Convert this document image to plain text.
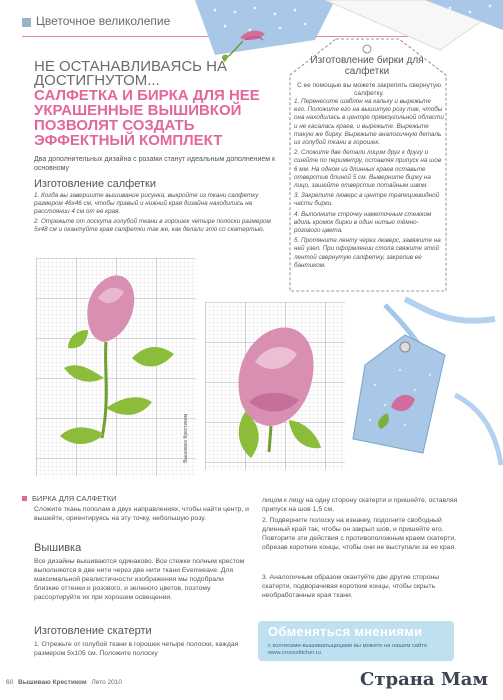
Цветочное великолепие
НЕ ОСТАНАВЛИВАЯСЬ НА ДОСТИГНУТОМ...
САЛФЕТКА И БИРКА ДЛЯ НЕЕ УКРАШЕННЫЕ ВЫШИВКОЙ ПОЗВОЛЯТ СОЗДАТЬ ЭФФЕКТНЫЙ КОМПЛЕКТ
Два дополнительных дизайна с розами станут идеальным дополнением к основному
Изготовление салфетки
1. Когда вы завершите вышивание рисунка, выкройте из ткани салфетку размером 46х46 см, чтобы правый и нижний края дизайна находились на расстоянии 4 см от ее края.
2. Отрежьте от лоскута голубой ткани в горошек четыре полоски размером 5х48 см и окантуйте края салфетки так же, как делали это со скатертью.
Изготовление бирки для салфетки
С ее помощью вы можете закрепить свернутую салфетку.
1. Перенесите шаблон на кальку и вырежьте его. Положите его на вышитую розу так, чтобы она находилась в центре прямоугольной области и не касалась краев, и вырежьте. Вырежьте такую же бирку. Вырежьте аналогичную деталь из голубой ткани в горошек.
2. Сложите две детали лицом друг к другу и сшейте по периметру, оставляя припуск на шов 6 мм. На одном из длинных краев оставьте отверстие длиной 5 см. Выверните бирку на лицо, зашейте отверстие потайным швом.
3. Закрепите люверс в центре трапециевидной части бирки.
4. Выполните строчку наметочным стежком вдоль кромок бирки в один нитью тёмно-розового цвета.
5. Протяните ленту через люверс, завяжите на ней узел. При оформлении стола свяжите этой лентой свернутую салфетку, закрепив ее бантиком.
Вышиваю Крестиком
БИРКА ДЛЯ САЛФЕТКИ
Сложите ткань пополам в двух направлениях, чтобы найти центр, и вышейте, ориентируясь на эту точку, небольшую розу.
Вышивка
Все дизайны вышиваются одинаково. Все стежки полным крестом выполняются в две нити через две нити ткани Evenweave. Для максимальной реалистичности изображения мы подобрали близкие оттенки и розового, и зеленого цветов, поэтому рассортируйте их при хорошем освещении.
Изготовление скатерти
1. Отрежьте от голубой ткани в горошек четыре полоски, каждая размером 5х105 см. Положите полоску
лицом к лицу на одну сторону скатерти и пришейте, оставляя припуск на шов 1,5 см.
2. Подверните полоску на изнанку, подогните свободный длинный край так, чтобы он закрыл шов, и пришейте его. Повторите эти действия с противоположным краем скатерти, обрезав короткие концы, чтобы они не выступали за ее края.
3. Аналогичным образом окантуйте две другие стороны скатерти, подворачивая короткие концы, чтобы скрыть необработанные края ткани.
Обменяться мнениями
с коллегами-вышивальщицами вы можете на нашем сайте www.crossstitcher.ru
60 Вышиваю Крестиком Лето 2010	Страна Мам
